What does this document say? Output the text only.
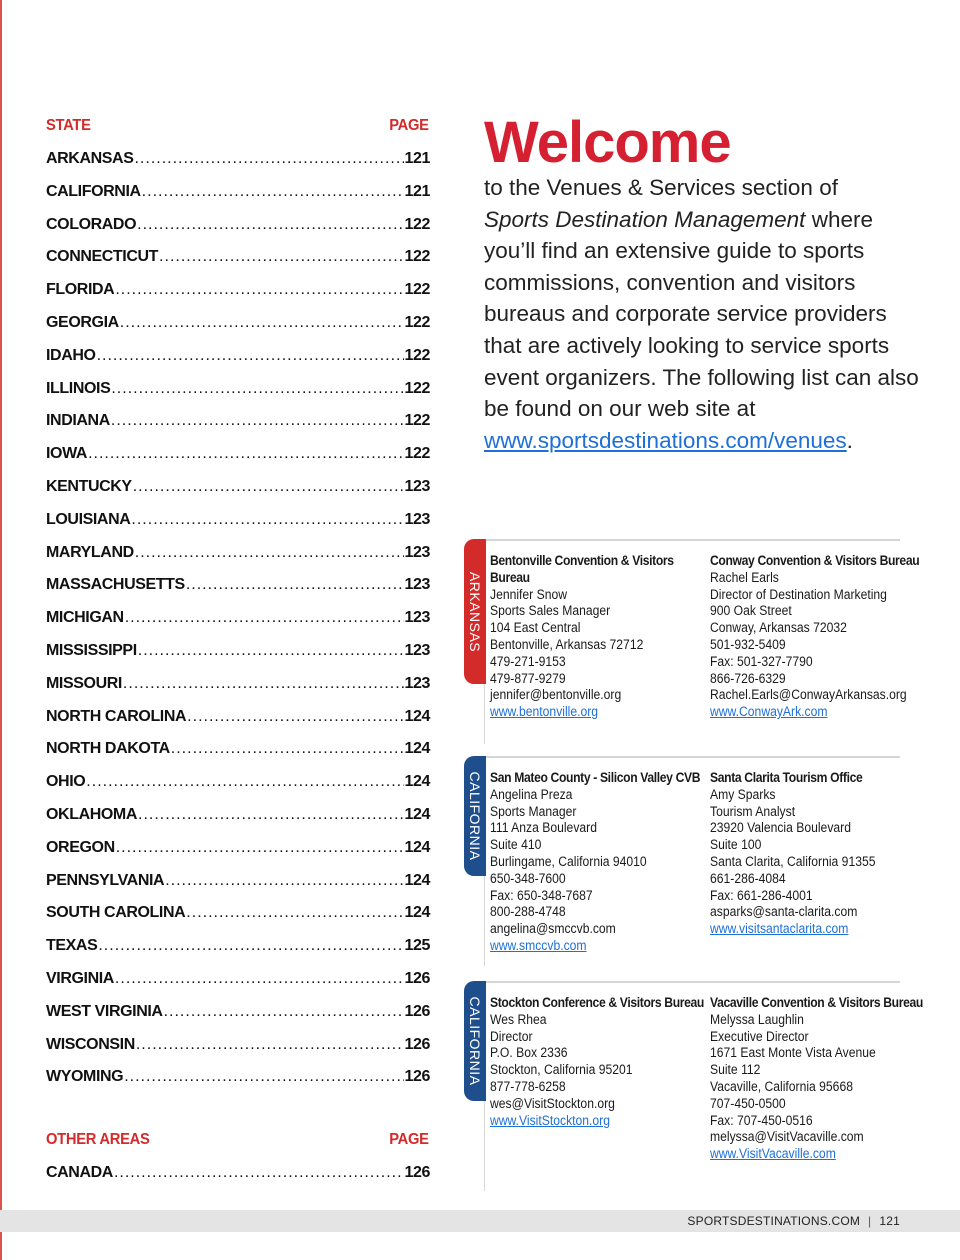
STATE	PAGE
ARKANSAS .....	121
CALIFORNIA .....	121
COLORADO .....	122
CONNECTICUT .....	122
FLORIDA .....	122
GEORGIA .....	122
IDAHO .....	122
ILLINOIS .....	122
INDIANA .....	122
IOWA .....	122
KENTUCKY .....	123
LOUISIANA .....	123
MARYLAND .....	123
MASSACHUSETTS .....	123
MICHIGAN .....	123
MISSISSIPPI .....	123
MISSOURI .....	123
NORTH CAROLINA .....	124
NORTH DAKOTA .....	124
OHIO .....	124
OKLAHOMA .....	124
OREGON .....	124
PENNSYLVANIA .....	124
SOUTH CAROLINA .....	124
TEXAS .....	125
VIRGINIA .....	126
WEST VIRGINIA .....	126
WISCONSIN .....	126
WYOMING .....	126
OTHER AREAS	PAGE
CANADA .....	126
Welcome
to the Venues & Services section of
Sports Destination Management where you’ll find an extensive guide to sports commissions, convention and visitors bureaus and corporate service providers that are actively looking to service sports event organizers. The following list can also be found on our web site at www.sportsdestinations.com/venues.
ARKANSAS
Bentonville Convention & Visitors Bureau
Jennifer Snow
Sports Sales Manager
104 East Central
Bentonville, Arkansas 72712
479-271-9153
479-877-9279
jennifer@bentonville.org
www.bentonville.org
Conway Convention & Visitors Bureau
Rachel Earls
Director of Destination Marketing
900 Oak Street
Conway, Arkansas 72032
501-932-5409
Fax: 501-327-7790
866-726-6329
Rachel.Earls@ConwayArkansas.org
www.ConwayArk.com
CALIFORNIA San Mateo County - Silicon Valley CVB
Angelina Preza
Sports Manager
111 Anza Boulevard
Suite 410
Burlingame, California 94010
650-348-7600
Fax: 650-348-7687
800-288-4748
angelina@smccvb.com
www.smccvb.com
Santa Clarita Tourism Office
Amy Sparks
Tourism Analyst
23920 Valencia Boulevard
Suite 100
Santa Clarita, California 91355
661-286-4084
Fax: 661-286-4001
asparks@santa-clarita.com
www.visitsantaclarita.com
CALIFORNIA Stockton Conference & Visitors Bureau
Wes Rhea
Director
P.O. Box 2336
Stockton, California 95201
877-778-6258
wes@VisitStockton.org
www.VisitStockton.org
Vacaville Convention & Visitors Bureau
Melyssa Laughlin
Executive Director
1671 East Monte Vista Avenue
Suite 112
Vacaville, California 95668
707-450-0500
Fax: 707-450-0516
melyssa@VisitVacaville.com
www.VisitVacaville.com
SPORTSDESTINATIONS.COM | 121
